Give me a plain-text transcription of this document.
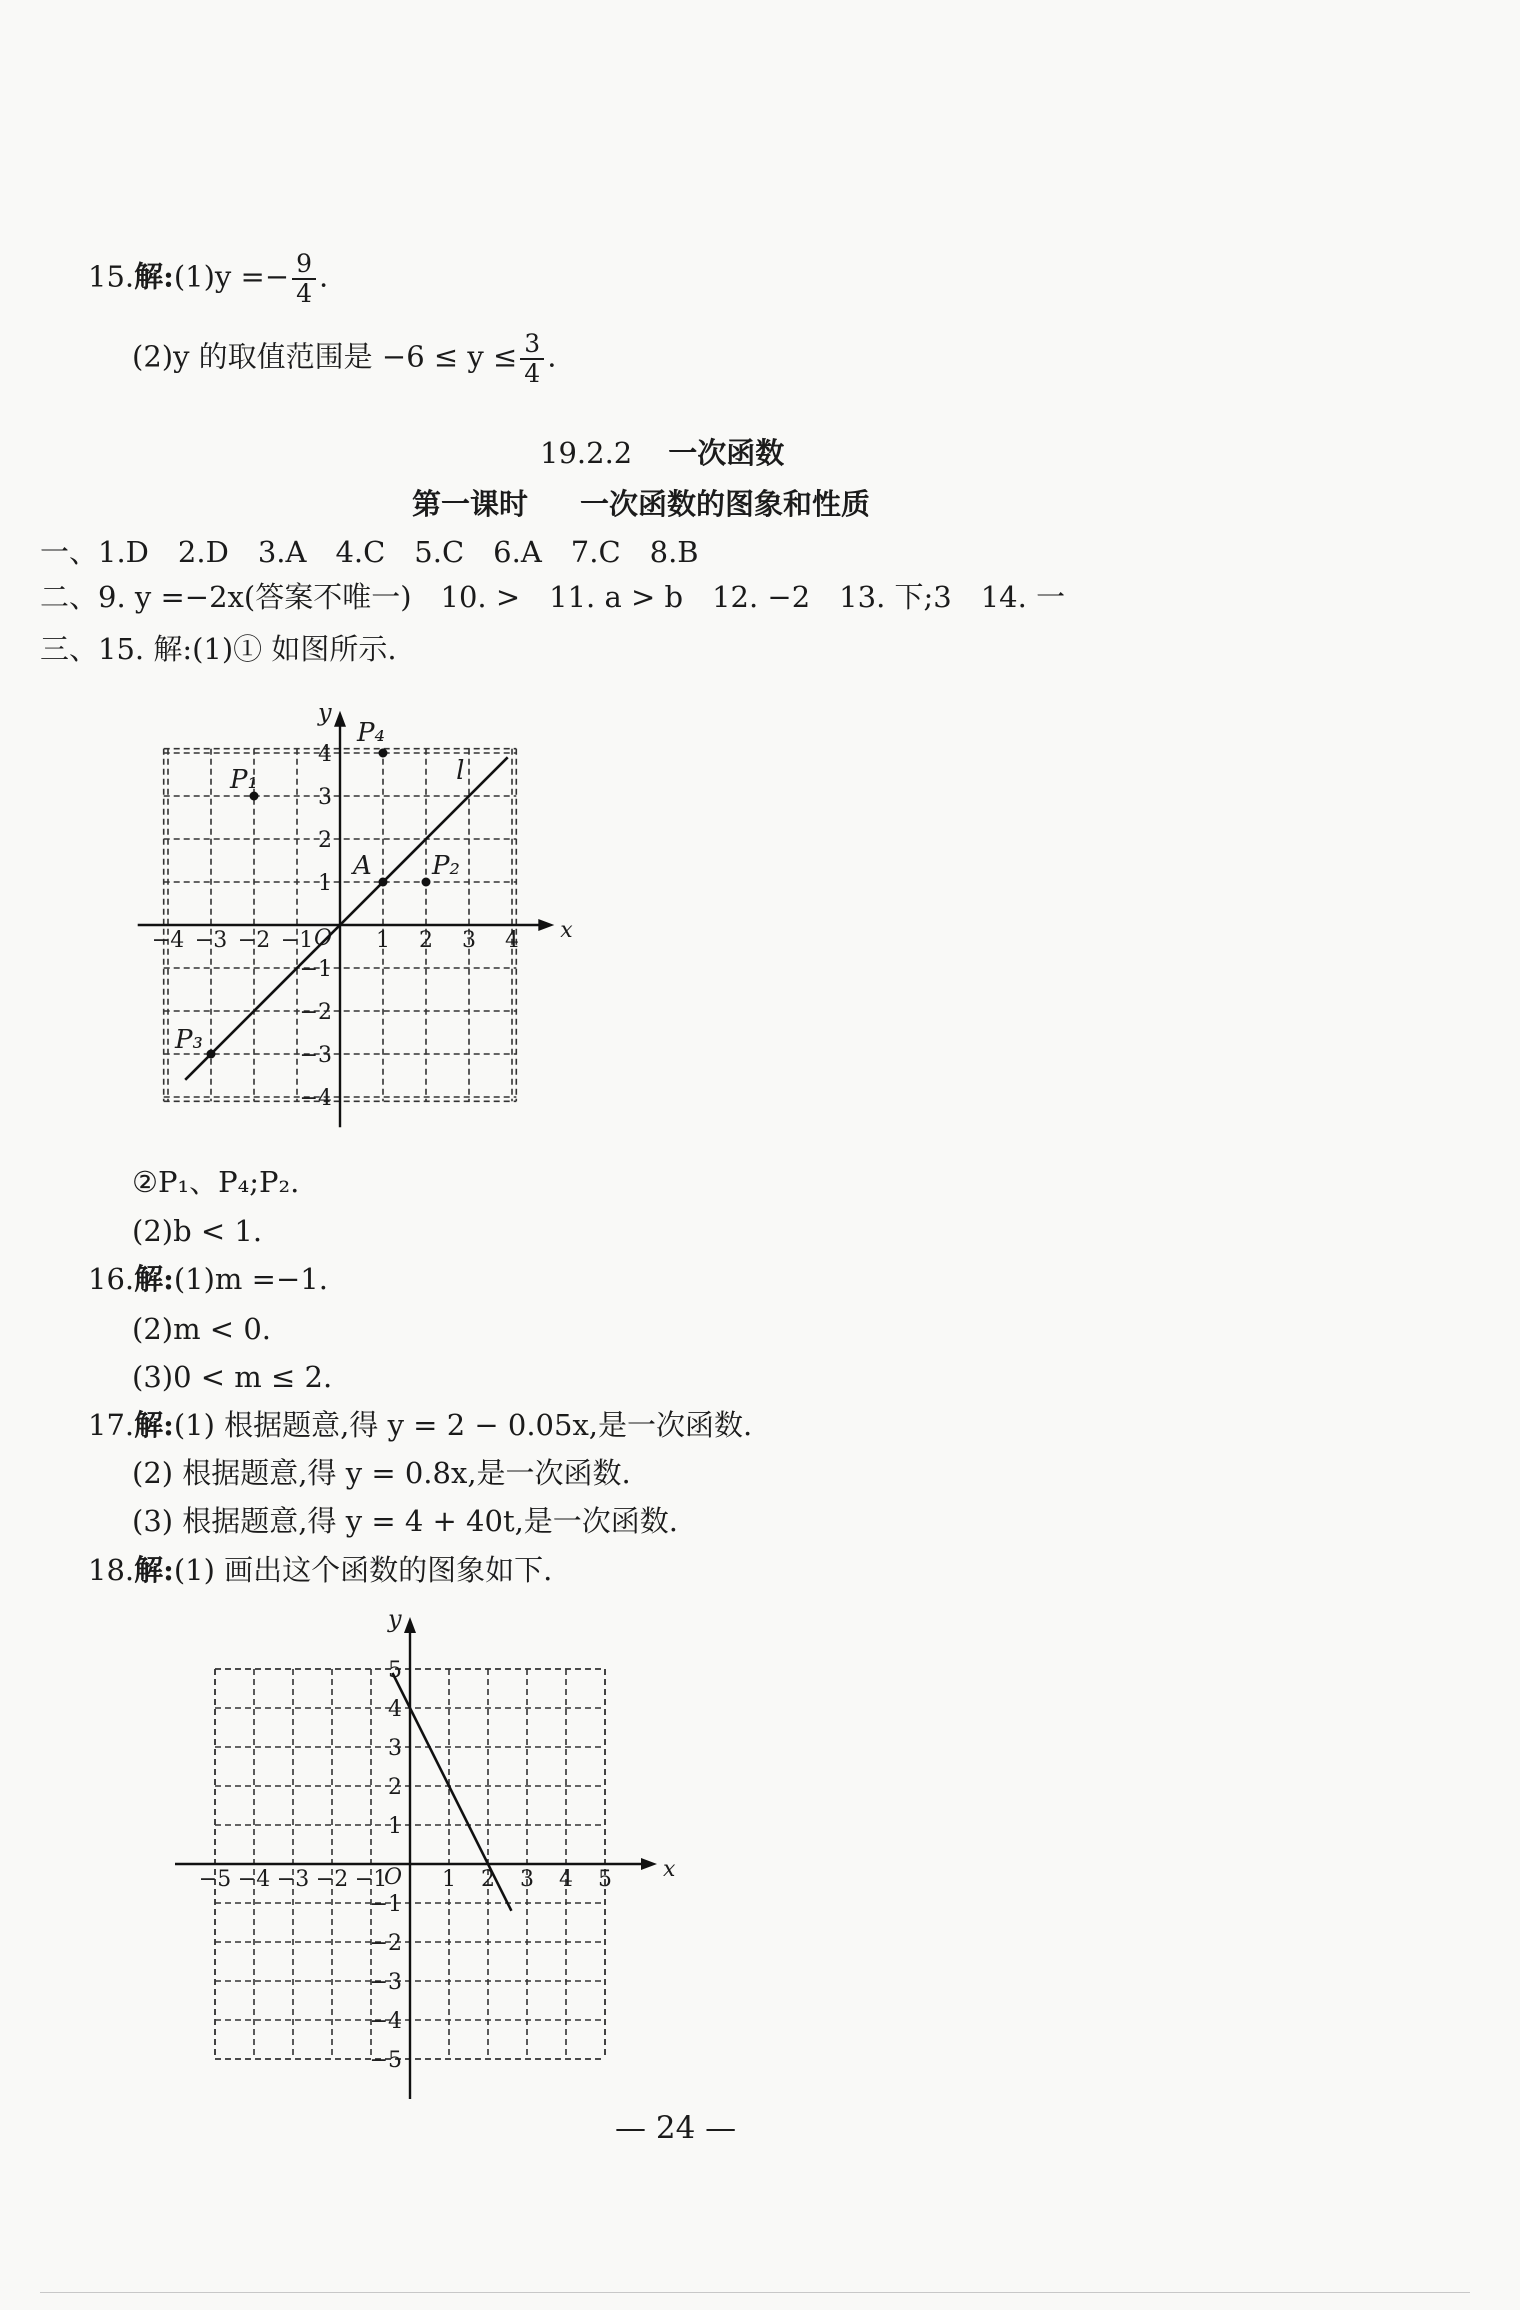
15.解:(1)y =− $\frac{9}{4}$ .
(2)y 的取值范围是 $-6 \le y \le \frac{3}{4}$ .
19.2.2 一次函数
第一课时 一次函数的图象和性质
一、1.D　2.D　3.A　4.C　5.C　6.A　7.C　8.B
二、9. y =−2x(答案不唯一)　10. >　11. a > b　12. −2　13. 下;3　14. 一
三、15. 解:(1)① 如图所示.
x
y
−4 −3 −2 −1	1 2 3 4
4
3
2
1
−1
−2
−3
−4
O
l
P₁
P₄
A P₂
P₃
②P₁、P₄;P₂.
(2)b < 1.
16.解:(1)m =−1.
(2)m < 0.
(3)0 < m ≤ 2.
17.解:(1) 根据题意,得 y = 2 − 0.05x,是一次函数.
(2) 根据题意,得 y = 0.8x,是一次函数.
(3) 根据题意,得 y = 4 + 40t,是一次函数.
18.解:(1) 画出这个函数的图象如下.
x
y
−5 −4 −3 −2 −1 1 2 3 4 5
5
4
3
2
1
−1
−2
−3
−4
−5
O
— 24 —
